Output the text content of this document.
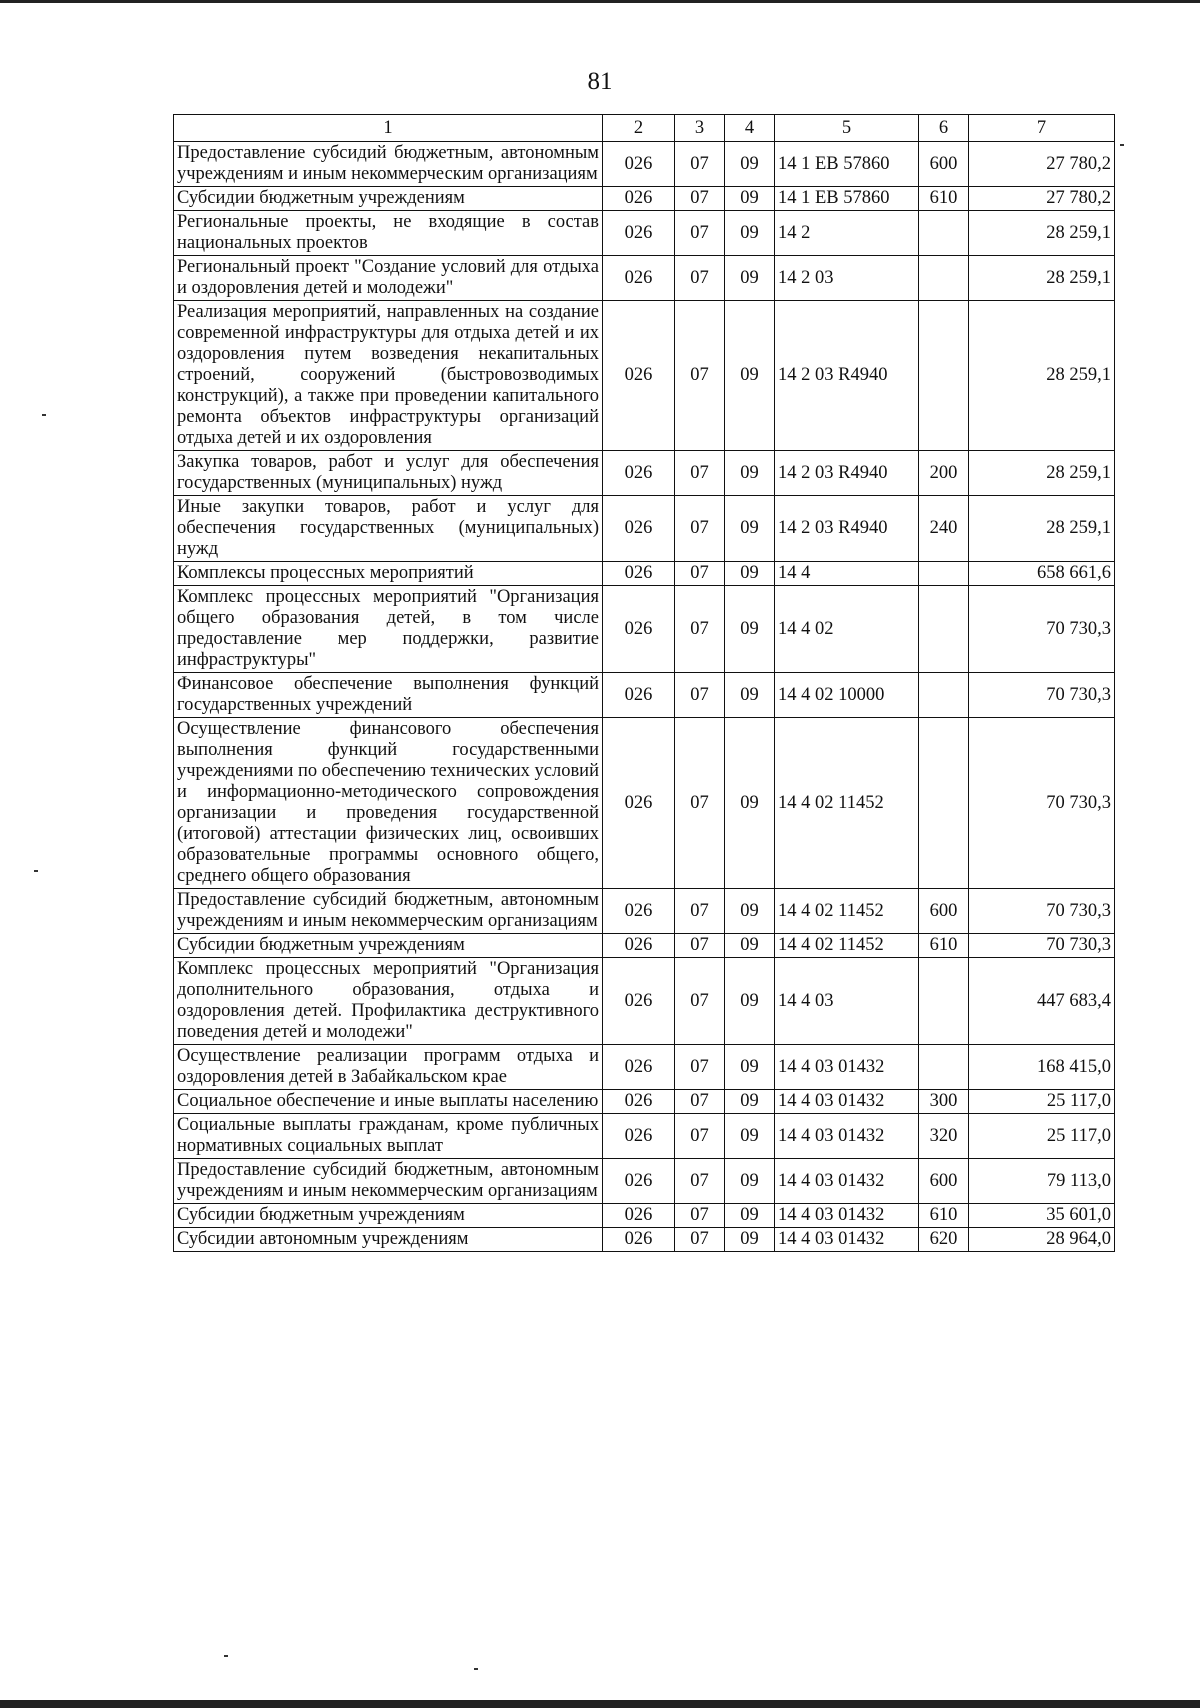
81
1	2	3	4	5	6	7
Предоставление субсидий бюджетным, автономным учреждениям и иным некоммерческим организациям	026	07	09	14 1 ЕВ 57860	600	27 780,2
Субсидии бюджетным учреждениям	026	07	09	14 1 ЕВ 57860	610	27 780,2
Региональные проекты, не входящие в состав национальных проектов	026	07	09	14 2		28 259,1
Региональный проект "Создание условий для отдыха и оздоровления детей и молодежи"	026	07	09	14 2 03		28 259,1
Реализация мероприятий, направленных на создание современной инфраструктуры для отдыха детей и их оздоровления путем возведения некапитальных строений, сооружений (быстровозводимых конструкций), а также при проведении капитального ремонта объектов инфраструктуры организаций отдыха детей и их оздоровления	026	07	09	14 2 03 R4940		28 259,1
Закупка товаров, работ и услуг для обеспечения государственных (муниципальных) нужд	026	07	09	14 2 03 R4940	200	28 259,1
Иные закупки товаров, работ и услуг для обеспечения государственных (муниципальных) нужд	026	07	09	14 2 03 R4940	240	28 259,1
Комплексы процессных мероприятий	026	07	09	14 4		658 661,6
Комплекс процессных мероприятий "Организация общего образования детей, в том числе предоставление мер поддержки, развитие инфраструктуры"	026	07	09	14 4 02		70 730,3
Финансовое обеспечение выполнения функций государственных учреждений	026	07	09	14 4 02 10000		70 730,3
Осуществление финансового обеспечения выполнения функций государственными учреждениями по обеспечению технических условий и информационно-методического сопровождения организации и проведения государственной (итоговой) аттестации физических лиц, освоивших образовательные программы основного общего, среднего общего образования	026	07	09	14 4 02 11452		70 730,3
Предоставление субсидий бюджетным, автономным учреждениям и иным некоммерческим организациям	026	07	09	14 4 02 11452	600	70 730,3
Субсидии бюджетным учреждениям	026	07	09	14 4 02 11452	610	70 730,3
Комплекс процессных мероприятий "Организация дополнительного образования, отдыха и оздоровления детей. Профилактика деструктивного поведения детей и молодежи"	026	07	09	14 4 03		447 683,4
Осуществление реализации программ отдыха и оздоровления детей в Забайкальском крае	026	07	09	14 4 03 01432		168 415,0
Социальное обеспечение и иные выплаты населению	026	07	09	14 4 03 01432	300	25 117,0
Социальные выплаты гражданам, кроме публичных нормативных социальных выплат	026	07	09	14 4 03 01432	320	25 117,0
Предоставление субсидий бюджетным, автономным учреждениям и иным некоммерческим организациям	026	07	09	14 4 03 01432	600	79 113,0
Субсидии бюджетным учреждениям	026	07	09	14 4 03 01432	610	35 601,0
Субсидии автономным учреждениям	026	07	09	14 4 03 01432	620	28 964,0
